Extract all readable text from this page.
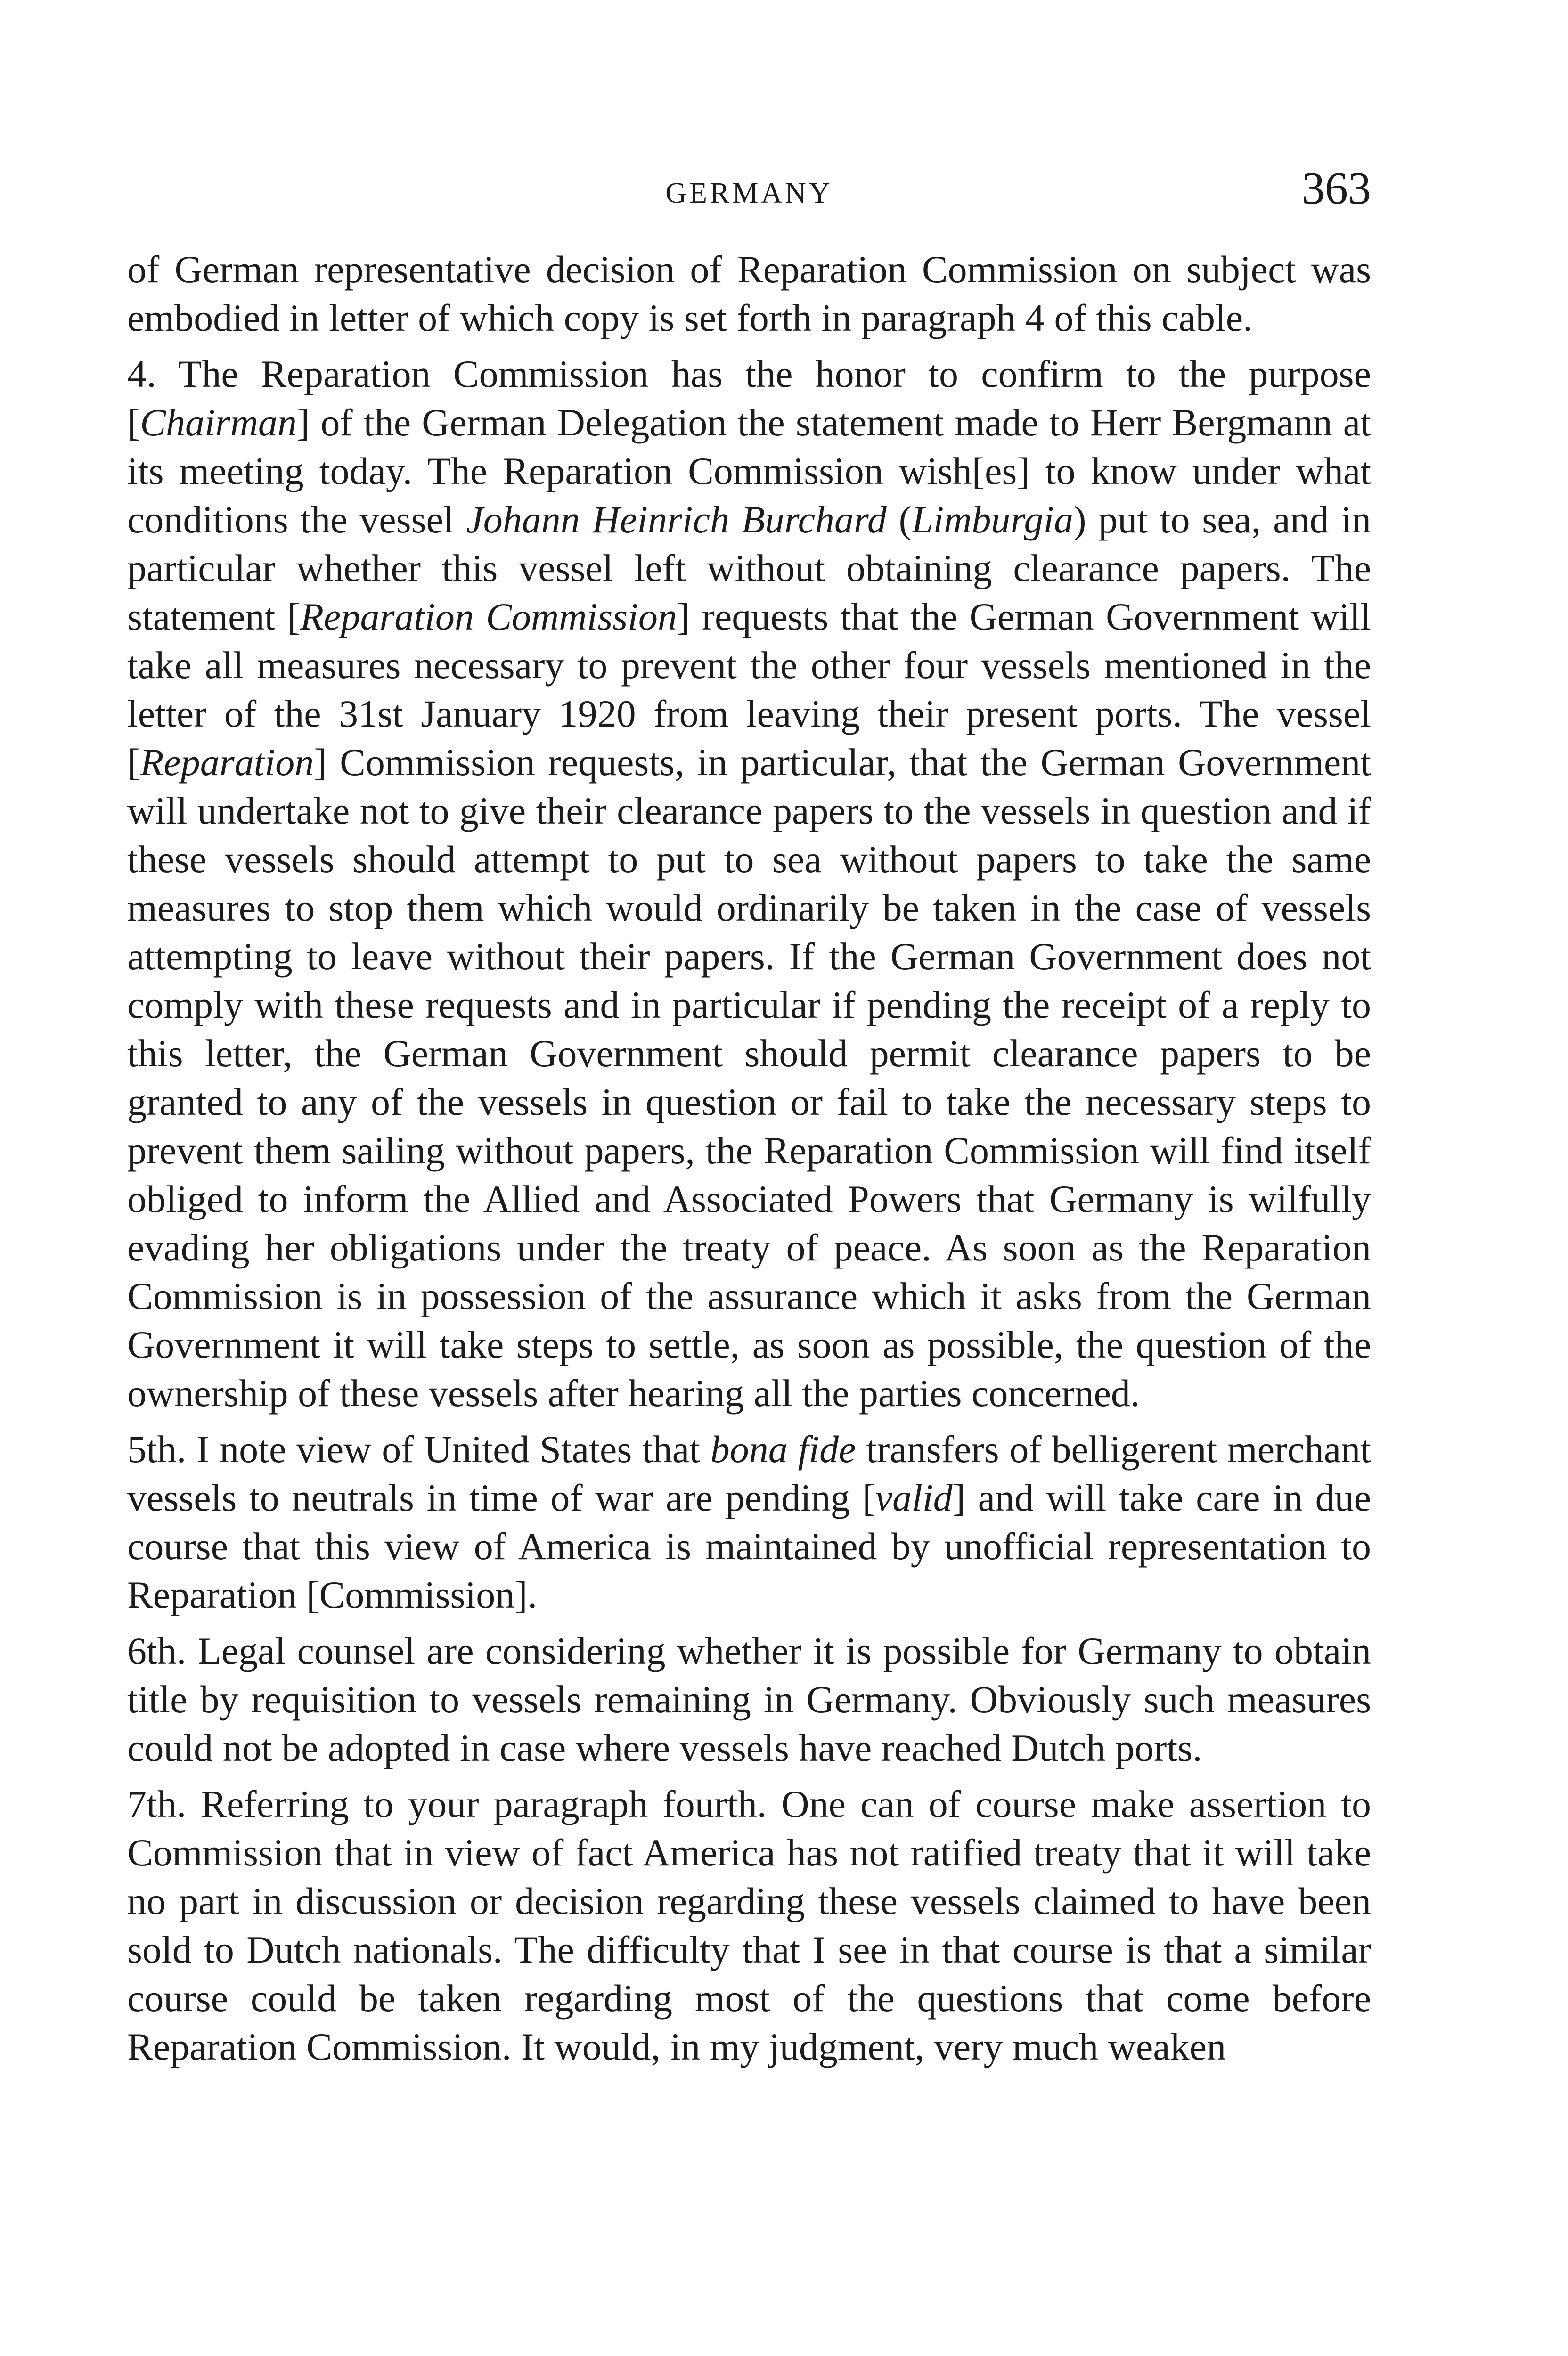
GERMANY	363

of German representative decision of Reparation Commission on subject was embodied in letter of which copy is set forth in paragraph 4 of this cable.

4. The Reparation Commission has the honor to confirm to the purpose [Chairman] of the German Delegation the statement made to Herr Bergmann at its meeting today. The Reparation Commission wish[es] to know under what conditions the vessel Johann Heinrich Burchard (Limburgia) put to sea, and in particular whether this vessel left without obtaining clearance papers. The statement [Reparation Commission] requests that the German Government will take all measures necessary to prevent the other four vessels mentioned in the letter of the 31st January 1920 from leaving their present ports. The vessel [Reparation] Commission requests, in particular, that the German Government will undertake not to give their clearance papers to the vessels in question and if these vessels should attempt to put to sea without papers to take the same measures to stop them which would ordinarily be taken in the case of vessels attempting to leave without their papers. If the German Government does not comply with these requests and in particular if pending the receipt of a reply to this letter, the German Government should permit clearance papers to be granted to any of the vessels in question or fail to take the necessary steps to prevent them sailing without papers, the Reparation Commission will find itself obliged to inform the Allied and Associated Powers that Germany is wilfully evading her obligations under the treaty of peace. As soon as the Reparation Commission is in possession of the assurance which it asks from the German Government it will take steps to settle, as soon as possible, the question of the ownership of these vessels after hearing all the parties concerned.

5th. I note view of United States that bona fide transfers of belligerent merchant vessels to neutrals in time of war are pending [valid] and will take care in due course that this view of America is maintained by unofficial representation to Reparation [Commission].

6th. Legal counsel are considering whether it is possible for Germany to obtain title by requisition to vessels remaining in Germany. Obviously such measures could not be adopted in case where vessels have reached Dutch ports.

7th. Referring to your paragraph fourth. One can of course make assertion to Commission that in view of fact America has not ratified treaty that it will take no part in discussion or decision regarding these vessels claimed to have been sold to Dutch nationals. The difficulty that I see in that course is that a similar course could be taken regarding most of the questions that come before Reparation Commission. It would, in my judgment, very much weaken
